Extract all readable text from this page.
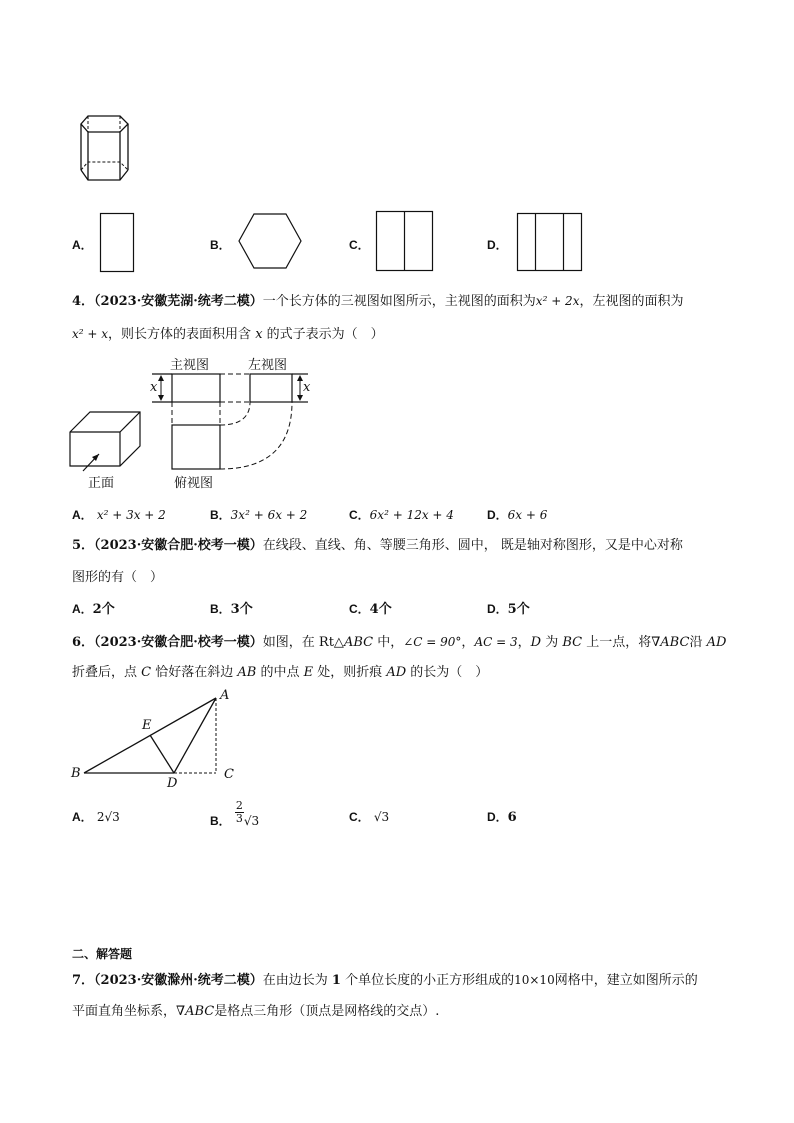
A．	B．	C．	D．
4．（2023·安徽芜湖·统考二模）一个长方体的三视图如图所示，主视图的面积为x² + 2x，左视图的面积为
x² + x，则长方体的表面积用含 x 的式子表示为（　）
主视图	左视图
俯视图
正面
x	x
A． x² + 3x + 2	B．3x² + 6x + 2	C．6x² + 12x + 4	D．6x + 6
5．（2023·安徽合肥·校考一模）在线段、直线、角、等腰三角形、圆中， 既是轴对称图形，又是中心对称
图形的有（　）
A．2个	B．3个	C．4个	D．5个
6．（2023·安徽合肥·校考一模）如图，在 Rt△ABC 中，∠C = 90°，AC = 3，D 为 BC 上一点，将∇ABC沿 AD
折叠后，点 C 恰好落在斜边 AB 的中点 E 处，则折痕 AD 的长为（　）
A
B	C
D
E
A． 2√3	B． $\frac{2}{3} √3$	C． √3	D．6
二、解答题
7．（2023·安徽滁州·统考二模）在由边长为 1 个单位长度的小正方形组成的10×10网格中，建立如图所示的
平面直角坐标系，∇ABC是格点三角形（顶点是网格线的交点）.
